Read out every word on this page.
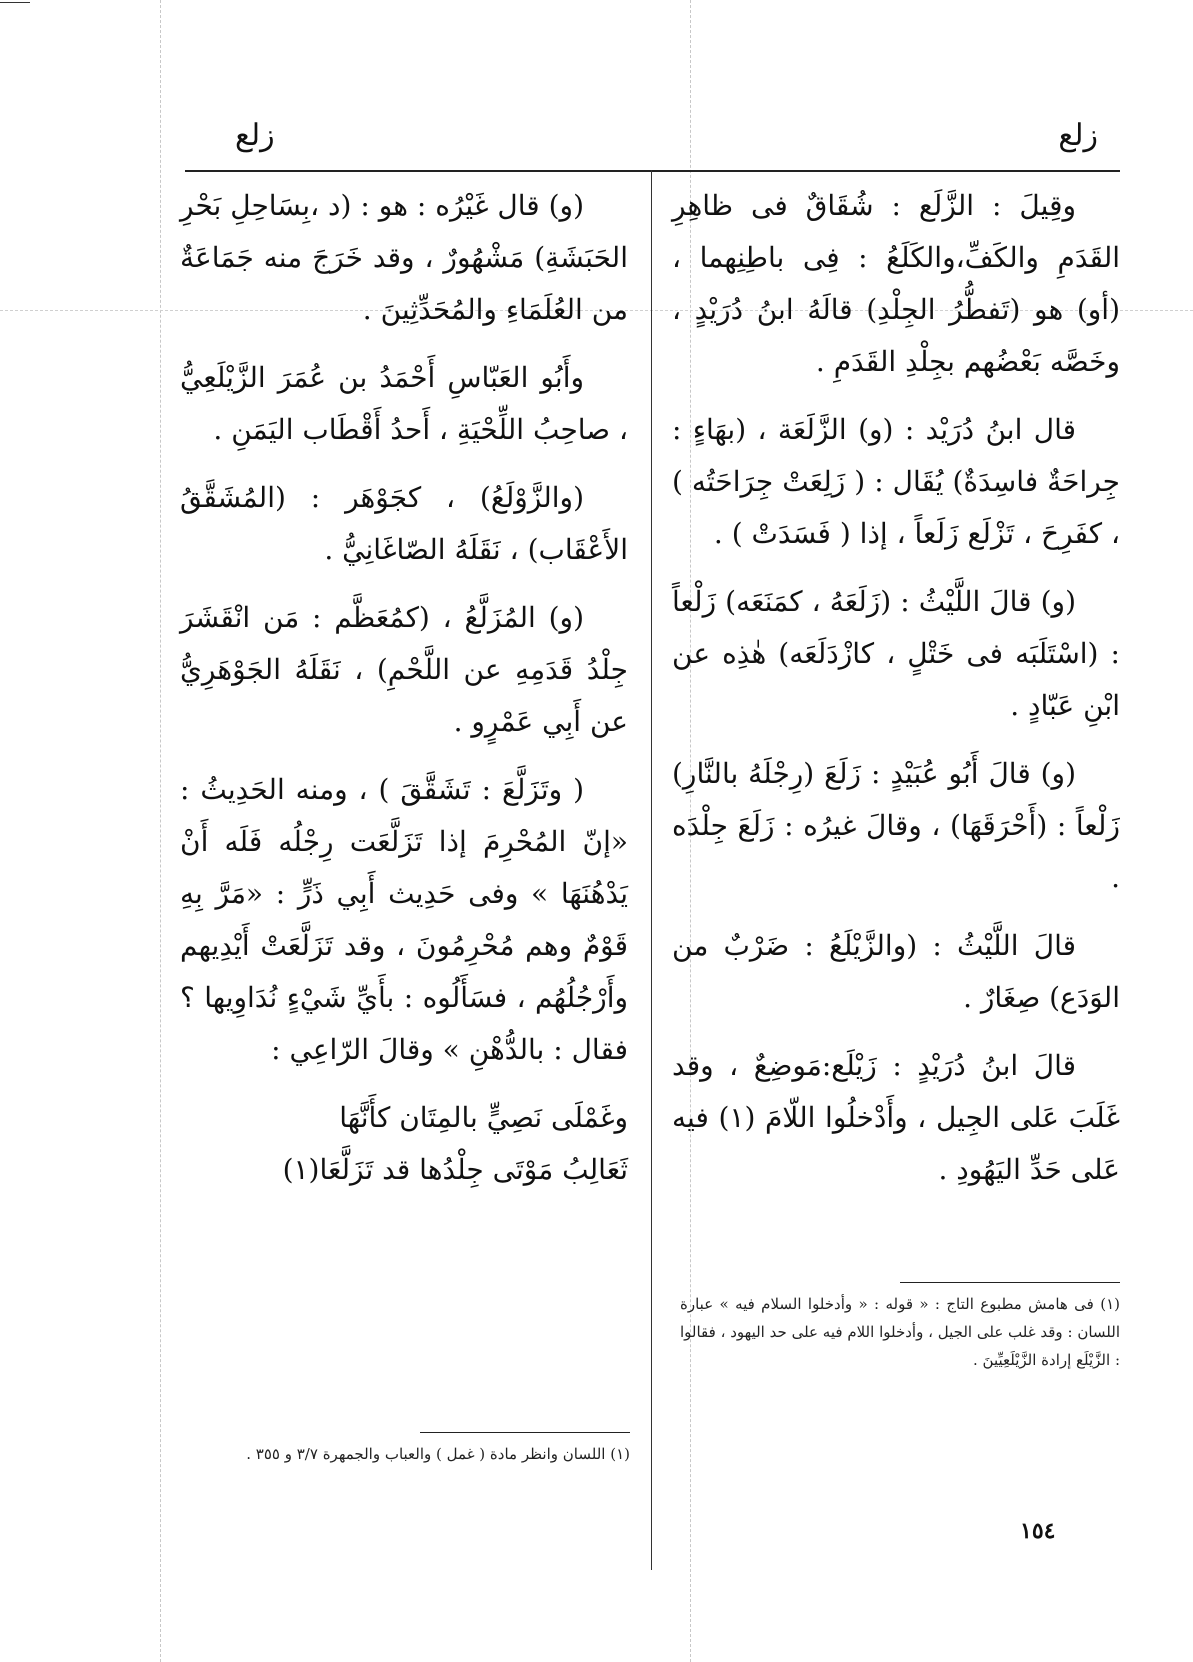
زلع
زلع

وقِيلَ : الزَّلَع : شُقَاقٌ فى ظاهِرِ القَدَمِ والكَفِّ،والكَلَعُ : فِى باطِنِهما ، (أو) هو (تَفطُّرُ الجِلْدِ) قالَهُ ابنُ دُرَيْدٍ ، وخَصَّه بَعْضُهم بجِلْدِ القَدَمِ .

قال ابنُ دُرَيْد : (و) الزَّلَعَة ، (بهَاءٍ : جِراحَةٌ فاسِدَةٌ) يُقَال : ( زَلِعَتْ جِرَاحَتُه ) ، كفَرِحَ ، تَزْلَع زَلَعاً ، إذا ( فَسَدَتْ ) .

(و) قالَ اللَّيْثُ : (زَلَعَهُ ، كمَنَعَه) زَلْعاً : (اسْتَلَبَه فى خَتْلٍ ، كازْدَلَعَه) هٰذِه عن ابْنِ عَبّادٍ .

(و) قالَ أَبُو عُبَيْدٍ : زَلَعَ (رِجْلَهُ بالنَّارِ) زَلْعاً : (أَحْرَقَهَا) ، وقالَ غيرُه : زَلَعَ جِلْدَه .

قالَ اللَّيْثُ : (والزَّيْلَعُ : ضَرْبٌ من الوَدَع) صِغَارٌ .

قالَ ابنُ دُرَيْدٍ : زَيْلَع:مَوضِعٌ ، وقد غَلَبَ عَلى الجِيل ، وأَدْخلُوا اللّامَ (١) فيه عَلى حَدِّ اليَهُودِ .

(و) قال غَيْرُه : هو : (د ،بِسَاحِلِ بَحْرِ الحَبَشَةِ) مَشْهُورٌ ، وقد خَرَجَ منه جَمَاعَةٌ من العُلَمَاءِ والمُحَدِّثِينَ .

وأَبُو العَبّاسِ أَحْمَدُ بن عُمَرَ الزَّيْلَعِيُّ ، صاحِبُ اللِّحْيَةِ ، أَحدُ أَقْطَاب اليَمَنِ .

(والزَّوْلَعُ) ، كجَوْهَر : (المُشَقَّقُ الأَعْقَاب) ، نَقَلَهُ الصّاغَانِيُّ .

(و) المُزَلَّعُ ، (كمُعَظَّم : مَن انْقَشَرَ جِلْدُ قَدَمِهِ عن اللَّحْمِ) ، نَقَلَهُ الجَوْهَرِيُّ عن أَبِي عَمْرٍو .

( وتَزَلَّعَ : تَشَقَّقَ ) ، ومنه الحَدِيثُ : «إنّ المُحْرِمَ إذا تَزَلَّعَت رِجْلُه فَلَه أَنْ يَدْهُنَهَا » وفى حَدِيث أَبِي ذَرٍّ : «مَرَّ بِهِ قَوْمٌ وهم مُحْرِمُونَ ، وقد تَزَلَّعَتْ أَيْدِيهم وأَرْجُلُهُم ، فسَأَلُوه : بأَيِّ شَيْءٍ نُدَاوِيها ؟ فقال : بالدُّهْنِ » وقالَ الرّاعِي :

وغَمْلَى نَصِيٍّ بالمِتَان كأَنَّهَا
ثَعَالِبُ مَوْتَى جِلْدُها قد تَزَلَّعَا(١)
(١) فى هامش مطبوع التاج : « قوله : « وأدخلوا السلام فيه » عبارة اللسان : وقد غلب على الجيل ، وأدخلوا اللام فيه على حد اليهود ، فقالوا : الزَّيْلَع إرادة الزَّيْلَعِيِّينَ .
(١) اللسان وانظر مادة ( غمل ) والعباب والجمهرة ٣/٧ و ٣٥٥ .
١٥٤
